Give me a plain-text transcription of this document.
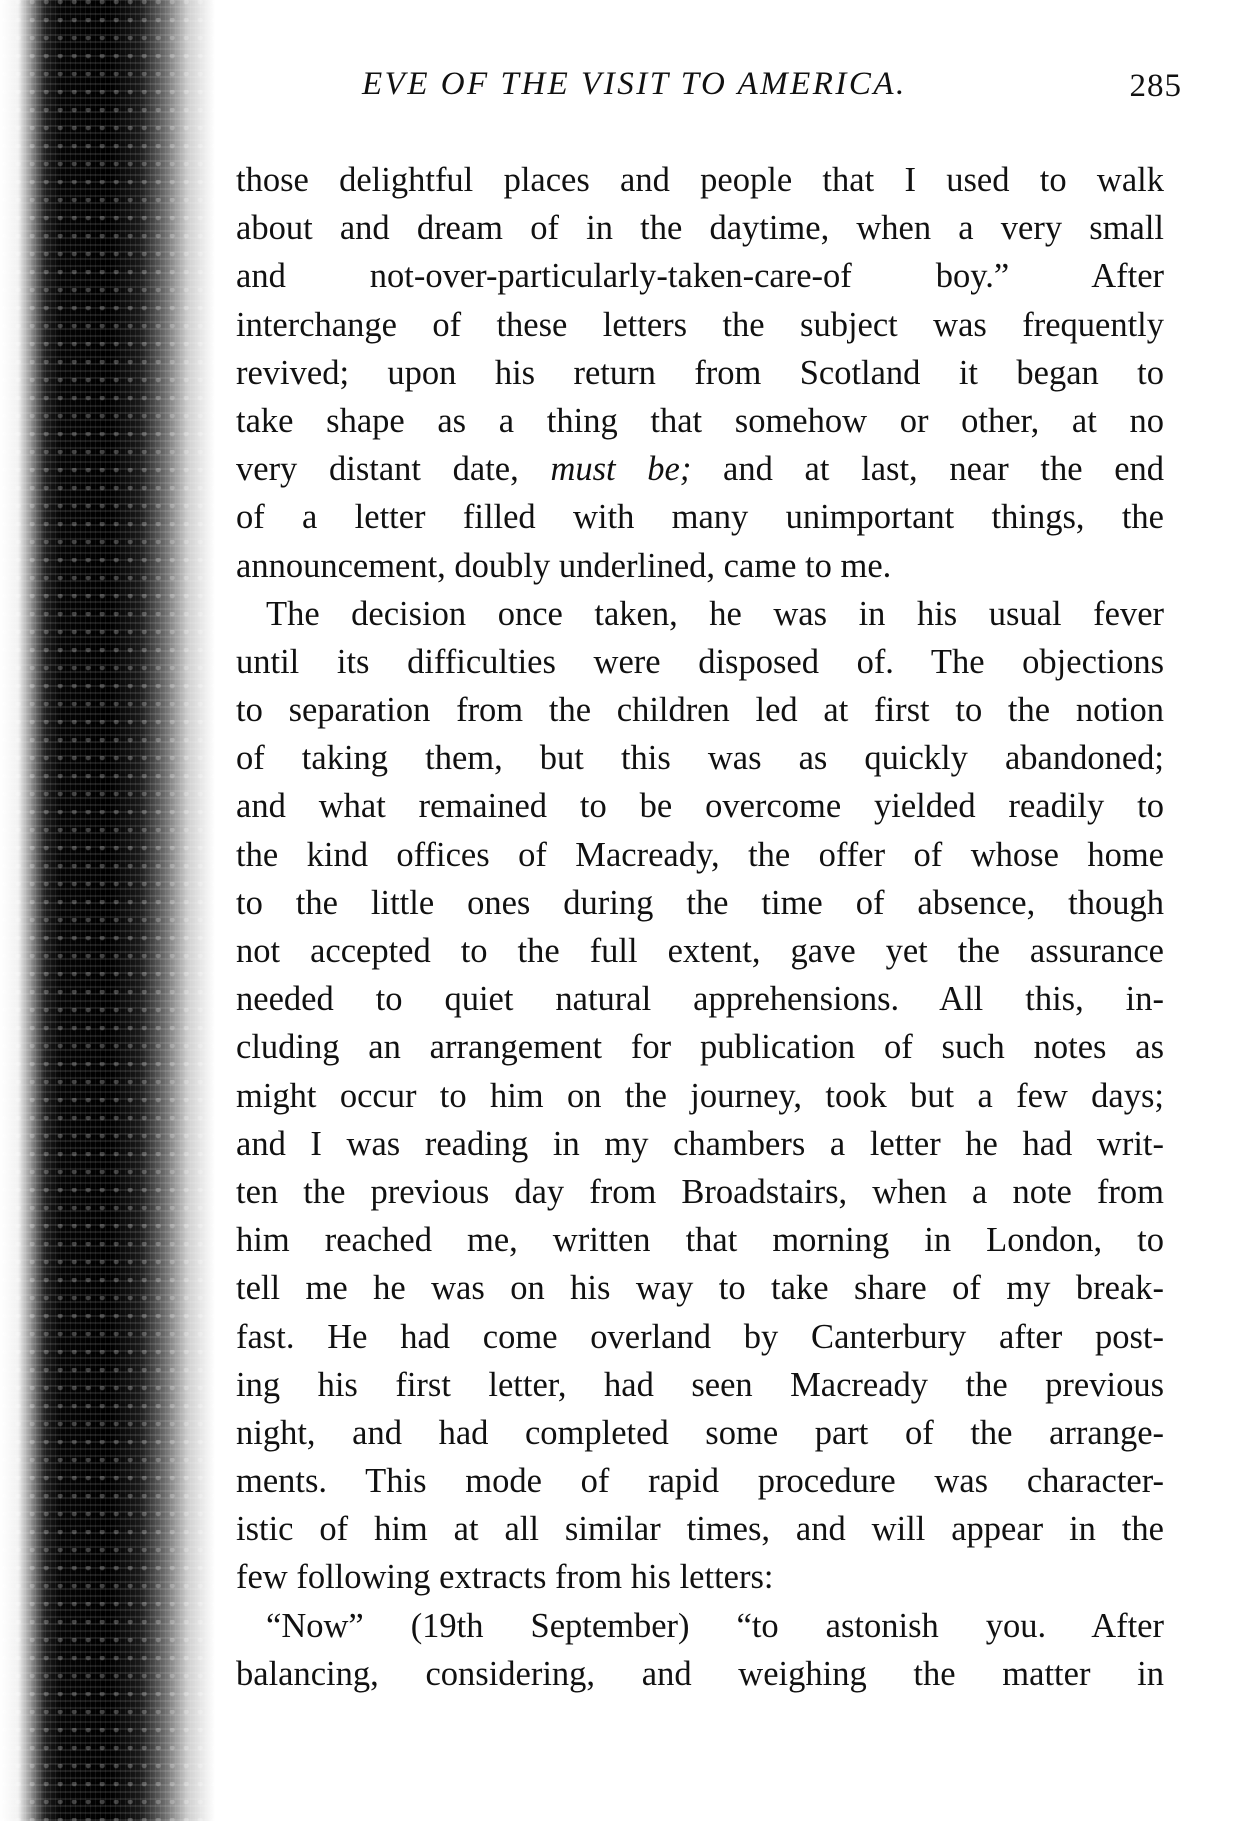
EVE OF THE VISIT TO AMERICA.	285
those delightful places and people that I used to walk
about and dream of in the daytime, when a very small
and not-over-particularly-taken-care-of boy.” After
interchange of these letters the subject was frequently
revived; upon his return from Scotland it began to
take shape as a thing that somehow or other, at no
very distant date, must be; and at last, near the end
of a letter filled with many unimportant things, the
announcement, doubly underlined, came to me.
The decision once taken, he was in his usual fever
until its difficulties were disposed of. The objections
to separation from the children led at first to the notion
of taking them, but this was as quickly abandoned;
and what remained to be overcome yielded readily to
the kind offices of Macready, the offer of whose home
to the little ones during the time of absence, though
not accepted to the full extent, gave yet the assurance
needed to quiet natural apprehensions. All this, in-
cluding an arrangement for publication of such notes as
might occur to him on the journey, took but a few days;
and I was reading in my chambers a letter he had writ-
ten the previous day from Broadstairs, when a note from
him reached me, written that morning in London, to
tell me he was on his way to take share of my break-
fast. He had come overland by Canterbury after post-
ing his first letter, had seen Macready the previous
night, and had completed some part of the arrange-
ments. This mode of rapid procedure was character-
istic of him at all similar times, and will appear in the
few following extracts from his letters:
“Now” (19th September) “to astonish you. After
balancing, considering, and weighing the matter in
